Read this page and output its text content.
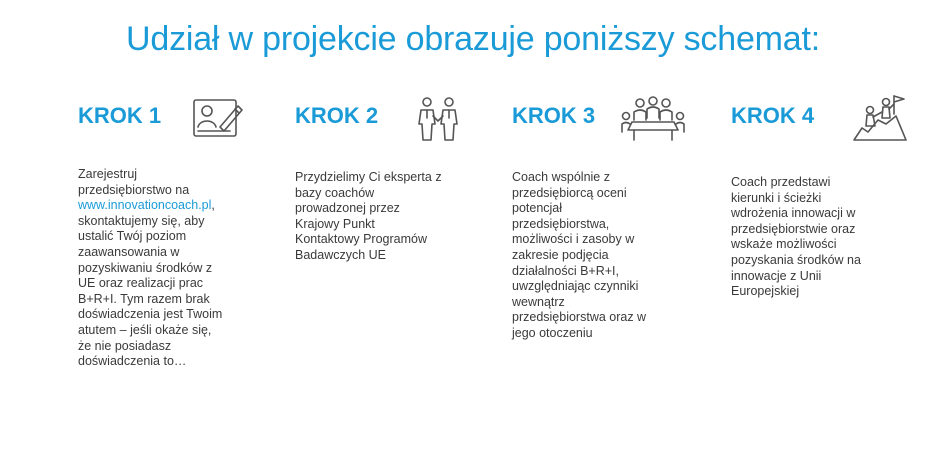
Udział w projekcie obrazuje poniższy schemat:
KROK 1
Zarejestruj
przedsiębiorstwo na
www.innovationcoach.pl,
skontaktujemy się, aby
ustalić Twój poziom
zaawansowania w
pozyskiwaniu środków z
UE oraz realizacji prac
B+R+I. Tym razem brak
doświadczenia jest Twoim
atutem – jeśli okaże się,
że nie posiadasz
doświadczenia to…
KROK 2
Przydzielimy Ci eksperta z
bazy coachów
prowadzonej przez
Krajowy Punkt
Kontaktowy Programów
Badawczych UE
KROK 3
Coach wspólnie z
przedsiębiorcą oceni
potencjał
przedsiębiorstwa,
możliwości i zasoby w
zakresie podjęcia
działalności B+R+I,
uwzględniając czynniki
wewnątrz
przedsiębiorstwa oraz w
jego otoczeniu
KROK 4
Coach przedstawi
kierunki i ścieżki
wdrożenia innowacji w
przedsiębiorstwie oraz
wskaże możliwości
pozyskania środków na
innowacje z Unii
Europejskiej
